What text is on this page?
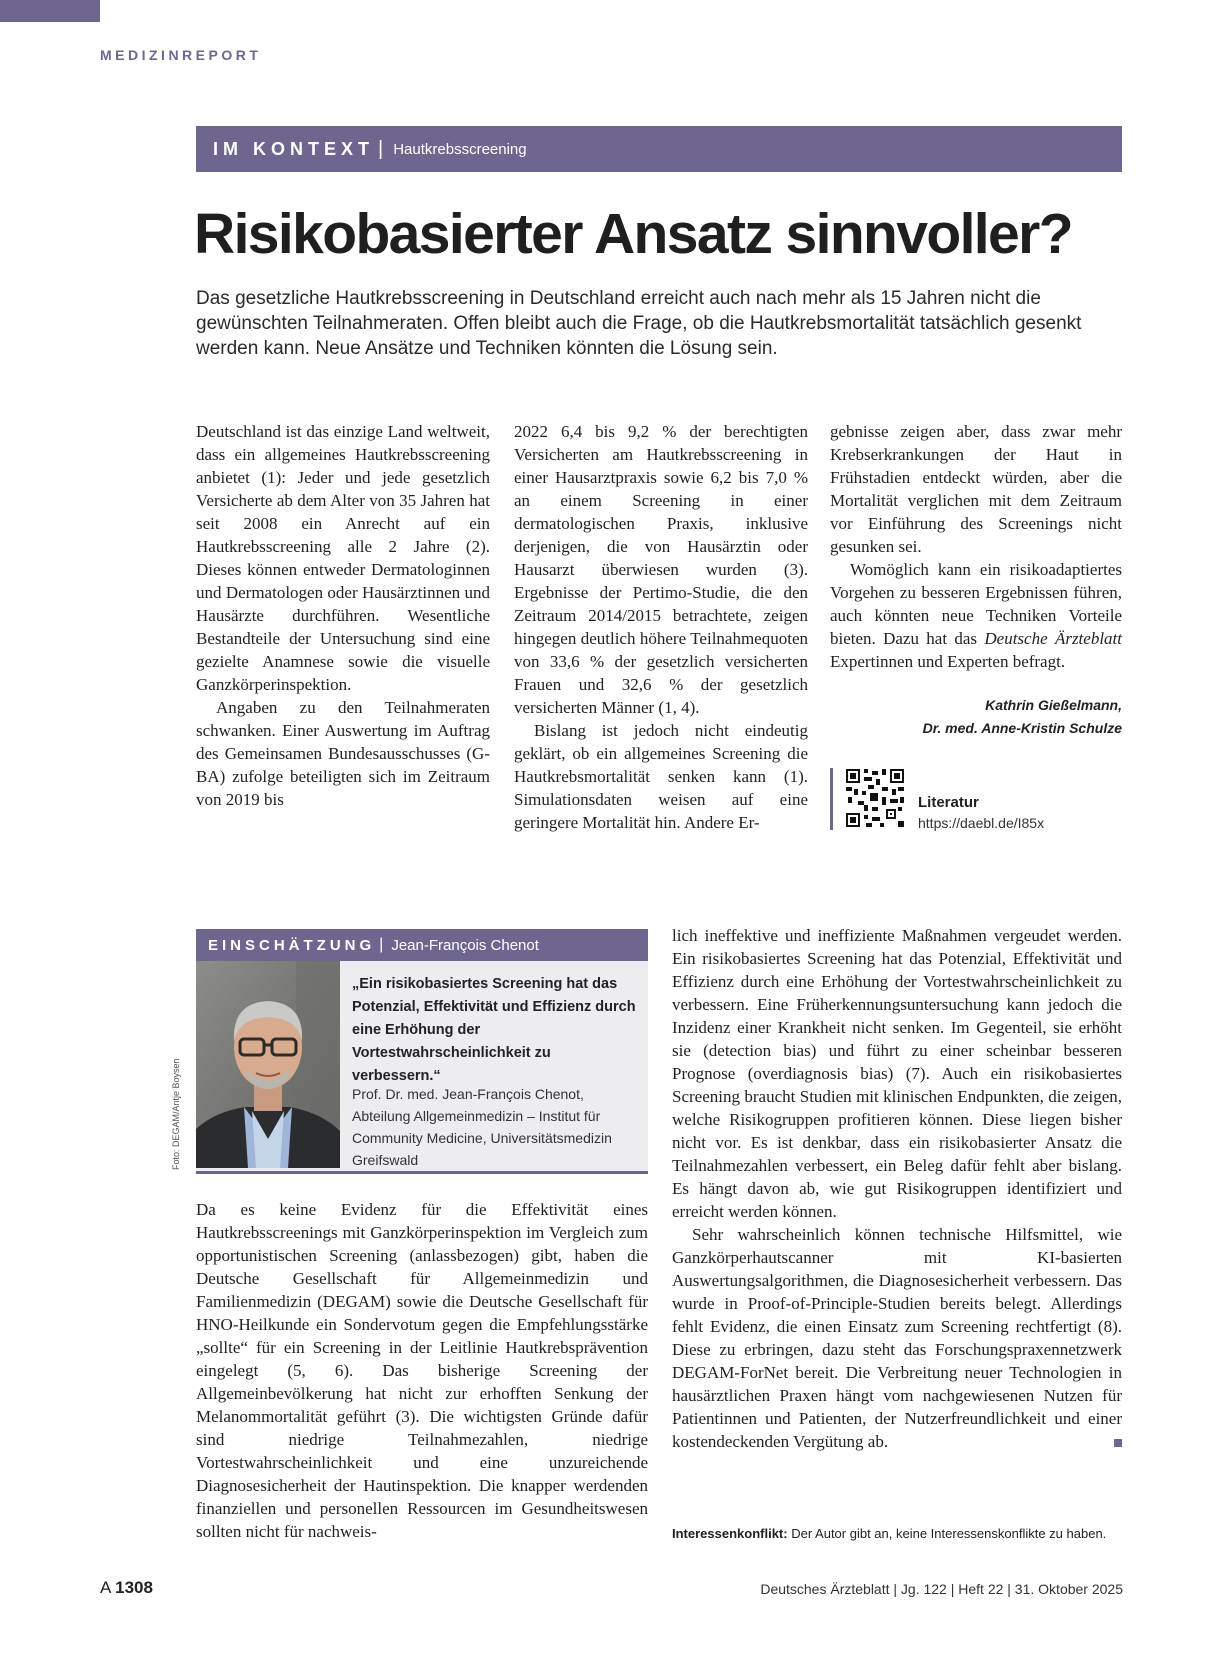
MEDIZINREPORT
IM KONTEXT | Hautkrebsscreening
Risikobasierter Ansatz sinnvoller?
Das gesetzliche Hautkrebsscreening in Deutschland erreicht auch nach mehr als 15 Jahren nicht die gewünschten Teilnahmeraten. Offen bleibt auch die Frage, ob die Hautkrebsmortalität tatsächlich gesenkt werden kann. Neue Ansätze und Techniken könnten die Lösung sein.

Deutschland ist das einzige Land weltweit, dass ein allgemeines Hautkrebsscreening anbietet (1): Jeder und jede gesetzlich Versicherte ab dem Alter von 35 Jahren hat seit 2008 ein Anrecht auf ein Hautkrebsscreening alle 2 Jahre (2). Dieses können entweder Dermatologinnen und Dermatologen oder Hausärztinnen und Hausärzte durchführen. Wesentliche Bestandteile der Untersuchung sind eine gezielte Anamnese sowie die visuelle Ganzkörperinspektion.

Angaben zu den Teilnahmeraten schwanken. Einer Auswertung im Auftrag des Gemeinsamen Bundesausschusses (G-BA) zufolge beteiligten sich im Zeitraum von 2019 bis

2022 6,4 bis 9,2 % der berechtigten Versicherten am Hautkrebsscreening in einer Hausarztpraxis sowie 6,2 bis 7,0 % an einem Screening in einer dermatologischen Praxis, inklusive derjenigen, die von Hausärztin oder Hausarzt überwiesen wurden (3). Ergebnisse der Pertimo-Studie, die den Zeitraum 2014/2015 betrachtete, zeigen hingegen deutlich höhere Teilnahmequoten von 33,6 % der gesetzlich versicherten Frauen und 32,6 % der gesetzlich versicherten Männer (1, 4).

Bislang ist jedoch nicht eindeutig geklärt, ob ein allgemeines Screening die Hautkrebsmortalität senken kann (1). Simulationsdaten weisen auf eine geringere Mortalität hin. Andere Er-

gebnisse zeigen aber, dass zwar mehr Krebserkrankungen der Haut in Frühstadien entdeckt würden, aber die Mortalität verglichen mit dem Zeitraum vor Einführung des Screenings nicht gesunken sei.

Womöglich kann ein risikoadaptiertes Vorgehen zu besseren Ergebnissen führen, auch könnten neue Techniken Vorteile bieten. Dazu hat das Deutsche Ärzteblatt Expertinnen und Experten befragt.

Kathrin Gießelmann,
Dr. med. Anne-Kristin Schulze
Literatur
https://daebl.de/I85x
EINSCHÄTZUNG | Jean-François Chenot
„Ein risikobasiertes Screening hat das Potenzial, Effektivität und Effizienz durch eine Erhöhung der Vortestwahrscheinlichkeit zu verbessern.“
Prof. Dr. med. Jean-François Chenot, Abteilung Allgemeinmedizin – Institut für Community Medicine, Universitätsmedizin Greifswald
Foto: DEGAM/Antje Boysen

Da es keine Evidenz für die Effektivität eines Hautkrebsscreenings mit Ganzkörperinspektion im Vergleich zum opportunistischen Screening (anlassbezogen) gibt, haben die Deutsche Gesellschaft für Allgemeinmedizin und Familienmedizin (DEGAM) sowie die Deutsche Gesellschaft für HNO-Heilkunde ein Sondervotum gegen die Empfehlungsstärke „sollte“ für ein Screening in der Leitlinie Hautkrebsprävention eingelegt (5, 6). Das bisherige Screening der Allgemeinbevölkerung hat nicht zur erhofften Senkung der Melanommortalität geführt (3). Die wichtigsten Gründe dafür sind niedrige Teilnahmezahlen, niedrige Vortestwahrscheinlichkeit und eine unzureichende Diagnosesicherheit der Hautinspektion. Die knapper werdenden finanziellen und personellen Ressourcen im Gesundheitswesen sollten nicht für nachweis-

lich ineffektive und ineffiziente Maßnahmen vergeudet werden. Ein risikobasiertes Screening hat das Potenzial, Effektivität und Effizienz durch eine Erhöhung der Vortestwahrscheinlichkeit zu verbessern. Eine Früherkennungsuntersuchung kann jedoch die Inzidenz einer Krankheit nicht senken. Im Gegenteil, sie erhöht sie (detection bias) und führt zu einer scheinbar besseren Prognose (overdiagnosis bias) (7). Auch ein risikobasiertes Screening braucht Studien mit klinischen Endpunkten, die zeigen, welche Risikogruppen profitieren können. Diese liegen bisher nicht vor. Es ist denkbar, dass ein risikobasierter Ansatz die Teilnahmezahlen verbessert, ein Beleg dafür fehlt aber bislang. Es hängt davon ab, wie gut Risikogruppen identifiziert und erreicht werden können.

Sehr wahrscheinlich können technische Hilfsmittel, wie Ganzkörperhautscanner mit KI-basierten Auswertungsalgorithmen, die Diagnosesicherheit verbessern. Das wurde in Proof-of-Principle-Studien bereits belegt. Allerdings fehlt Evidenz, die einen Einsatz zum Screening rechtfertigt (8). Diese zu erbringen, dazu steht das Forschungspraxennetzwerk DEGAM-ForNet bereit. Die Verbreitung neuer Technologien in hausärztlichen Praxen hängt vom nachgewiesenen Nutzen für Patientinnen und Patienten, der Nutzerfreundlichkeit und einer kostendeckenden Vergütung ab.

Interessenkonflikt: Der Autor gibt an, keine Interessenskonflikte zu haben.
A 1308	Deutsches Ärzteblatt | Jg. 122 | Heft 22 | 31. Oktober 2025
